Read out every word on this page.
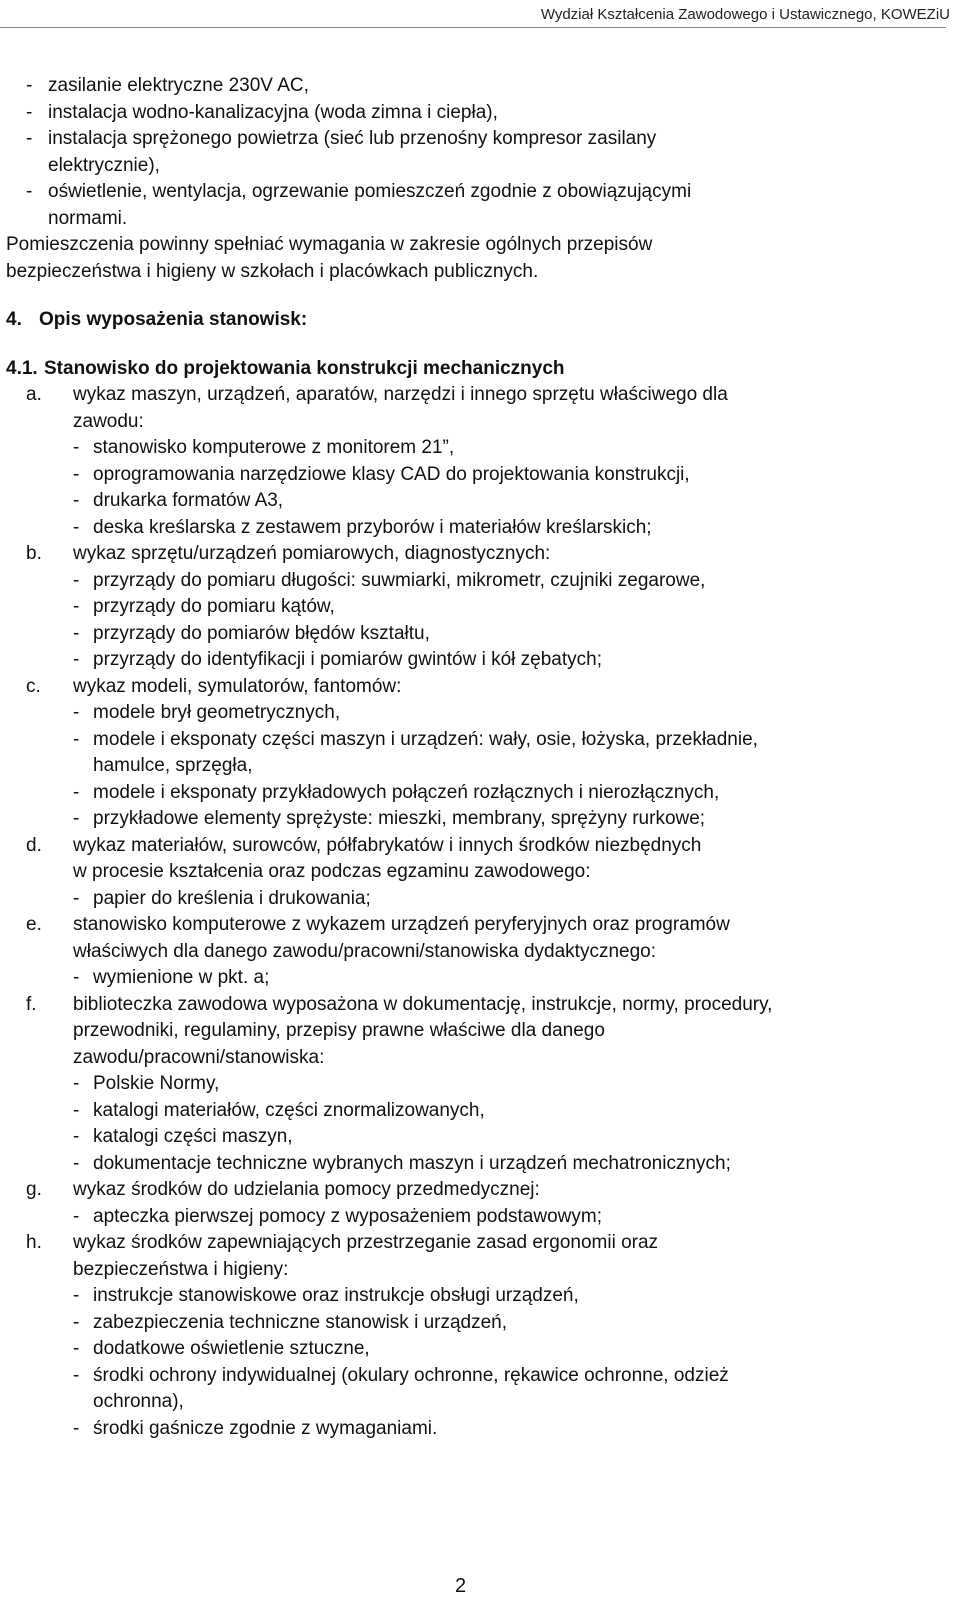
Wydział Kształcenia Zawodowego i Ustawicznego, KOWEZiU
- zasilanie elektryczne 230V AC,
- instalacja wodno-kanalizacyjna (woda zimna i ciepła),
- instalacja sprężonego powietrza (sieć lub przenośny kompresor zasilany
elektrycznie),
- oświetlenie, wentylacja, ogrzewanie pomieszczeń zgodnie z obowiązującymi
normami.
Pomieszczenia powinny spełniać wymagania w zakresie ogólnych przepisów
bezpieczeństwa i higieny w szkołach i placówkach publicznych.
4. Opis wyposażenia stanowisk:
4.1. Stanowisko do projektowania konstrukcji mechanicznych
a. wykaz maszyn, urządzeń, aparatów, narzędzi i innego sprzętu właściwego dla
zawodu:
- stanowisko komputerowe z monitorem 21”,
- oprogramowania narzędziowe klasy CAD do projektowania konstrukcji,
- drukarka formatów A3,
- deska kreślarska z zestawem przyborów i materiałów kreślarskich;
b. wykaz sprzętu/urządzeń pomiarowych, diagnostycznych:
- przyrządy do pomiaru długości: suwmiarki, mikrometr, czujniki zegarowe,
- przyrządy do pomiaru kątów,
- przyrządy do pomiarów błędów kształtu,
- przyrządy do identyfikacji i pomiarów gwintów i kół zębatych;
c. wykaz modeli, symulatorów, fantomów:
- modele brył geometrycznych,
- modele i eksponaty części maszyn i urządzeń: wały, osie, łożyska, przekładnie,
hamulce, sprzęgła,
- modele i eksponaty przykładowych połączeń rozłącznych i nierozłącznych,
- przykładowe elementy sprężyste: mieszki, membrany, sprężyny rurkowe;
d. wykaz materiałów, surowców, półfabrykatów i innych środków niezbędnych
w procesie kształcenia oraz podczas egzaminu zawodowego:
- papier do kreślenia i drukowania;
e. stanowisko komputerowe z wykazem urządzeń peryferyjnych oraz programów
właściwych dla danego zawodu/pracowni/stanowiska dydaktycznego:
- wymienione w pkt. a;
f. biblioteczka zawodowa wyposażona w dokumentację, instrukcje, normy, procedury,
przewodniki, regulaminy, przepisy prawne właściwe dla danego
zawodu/pracowni/stanowiska:
- Polskie Normy,
- katalogi materiałów, części znormalizowanych,
- katalogi części maszyn,
- dokumentacje techniczne wybranych maszyn i urządzeń mechatronicznych;
g. wykaz środków do udzielania pomocy przedmedycznej:
- apteczka pierwszej pomocy z wyposażeniem podstawowym;
h. wykaz środków zapewniających przestrzeganie zasad ergonomii oraz
bezpieczeństwa i higieny:
- instrukcje stanowiskowe oraz instrukcje obsługi urządzeń,
- zabezpieczenia techniczne stanowisk i urządzeń,
- dodatkowe oświetlenie sztuczne,
- środki ochrony indywidualnej (okulary ochronne, rękawice ochronne, odzież
ochronna),
- środki gaśnicze zgodnie z wymaganiami.
2
